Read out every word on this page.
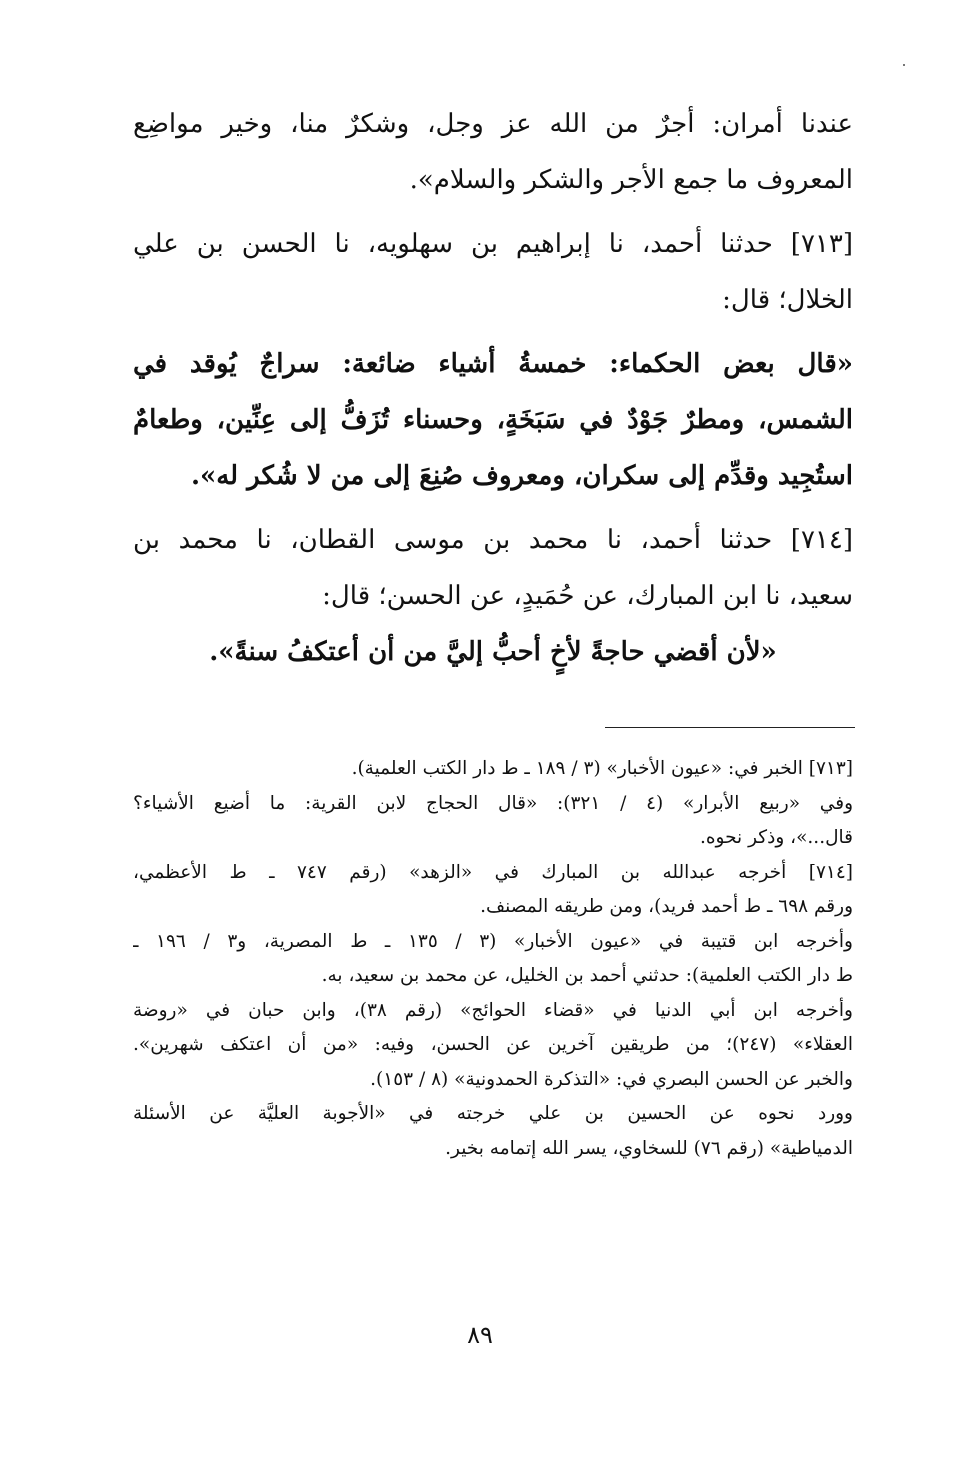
عندنا أمران: أجرٌ من الله عز وجل، وشكرٌ منا، وخير مواضِع
المعروف ما جمع الأجر والشكر والسلام».
[٧١٣] حدثنا أحمد، نا إبراهيم بن سهلويه، نا الحسن بن علي
الخلال؛ قال:
«قال بعض الحكماء: خمسةُ أشياء ضائعة: سراجٌ يُوقد في
الشمس، ومطرٌ جَوْدٌ في سَبَخَةٍ، وحسناء تُزَفُّ إلى عِنِّين، وطعامٌ
استُجِيد وقدِّم إلى سكران، ومعروف صُنِعَ إلى من لا شُكر له».
[٧١٤] حدثنا أحمد، نا محمد بن موسى القطان، نا محمد بن
سعيد، نا ابن المبارك، عن حُمَيدٍ، عن الحسن؛ قال:
«لأن أقضي حاجةً لأخٍ أحبُّ إليَّ من أن أعتكفُ سنةً».
[٧١٣] الخبر في: «عيون الأخبار» (٣ / ١٨٩ ـ ط دار الكتب العلمية).
وفي «ربيع الأبرار» (٤ / ٣٢١): «قال الحجاج لابن القرية: ما أضيع الأشياء؟
قال...»، وذكر نحوه.
[٧١٤] أخرجه عبدالله بن المبارك في «الزهد» (رقم ٧٤٧ ـ ط الأعظمي،
ورقم ٦٩٨ ـ ط أحمد فريد)، ومن طريقه المصنف.
وأخرجه ابن قتيبة في «عيون الأخبار» (٣ / ١٣٥ ـ ط المصرية، و٣ / ١٩٦ ـ
ط دار الكتب العلمية): حدثني أحمد بن الخليل، عن محمد بن سعيد، به.
وأخرجه ابن أبي الدنيا في «قضاء الحوائج» (رقم ٣٨)، وابن حبان في «روضة
العقلاء» (٢٤٧)؛ من طريقين آخرين عن الحسن، وفيه: «من أن اعتكف شهرين».
والخبر عن الحسن البصري في: «التذكرة الحمدونية» (٨ / ١٥٣).
وورد نحوه عن الحسين بن علي خرجته في «الأجوبة العليَّة عن الأسئلة
الدمياطية» (رقم ٧٦) للسخاوي، يسر الله إتمامه بخير.
٨٩
